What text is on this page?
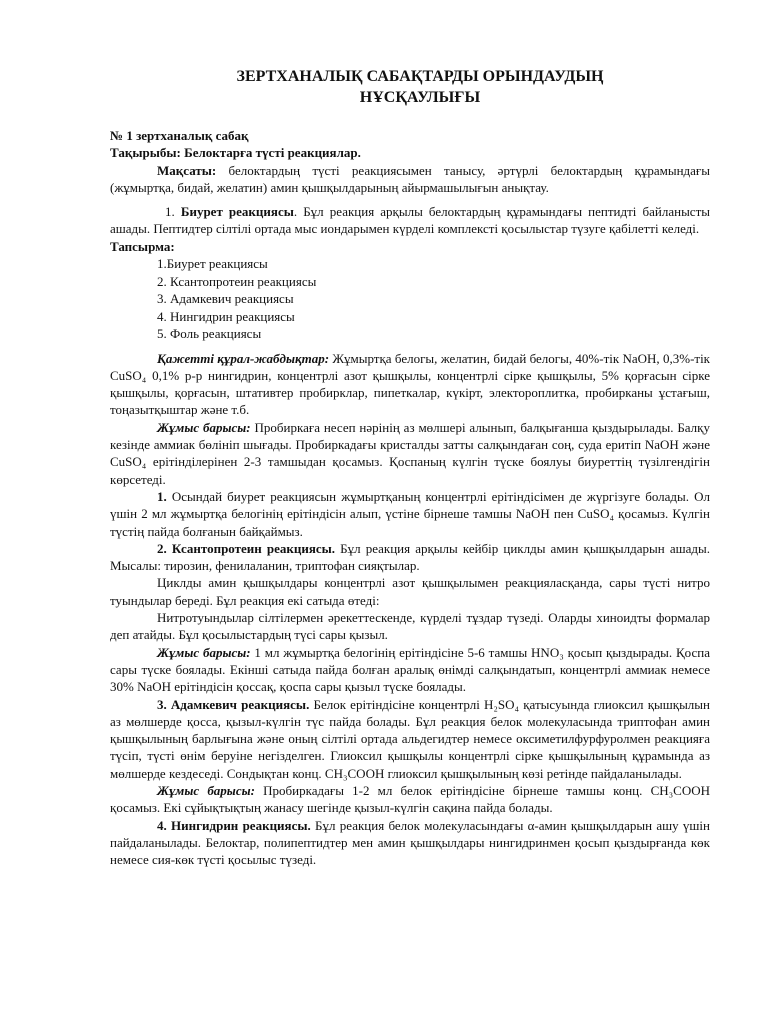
ЗЕРТХАНАЛЫҚ САБАҚТАРДЫ ОРЫНДАУДЫҢ
НҰСҚАУЛЫҒЫ

№ 1 зертханалық сабақ

Тақырыбы: Белоктарға түсті реакциялар.

Мақсаты: белоктардың түсті реакциясымен танысу, әртүрлі белоктардың құрамындағы (жұмыртқа, бидай, желатин) амин қышқылдарының айырмашылығын анықтау.

1. Биурет реакциясы. Бұл реакция арқылы белоктардың құрамындағы пептидті байланысты ашады. Пептидтер сілтілі ортада мыс иондарымен күрделі комплексті қосылыстар түзуге қабілетті келеді.

Тапсырма:

1.Биурет реакциясы
2. Ксантопротеин реакциясы
3. Адамкевич реакциясы
4. Нингидрин реакциясы
5. Фоль реакциясы

Қажетті құрал-жабдықтар: Жұмыртқа белогы, желатин, бидай белогы, 40%-тік NaOH, 0,3%-тік CuSO₄ 0,1% р-р нингидрин, концентрлі азот қышқылы, концентрлі сірке қышқылы, 5% қорғасын сірке қышқылы, қорғасын, штативтер пробирклар, пипеткалар, күкірт, электороплитка, пробирканы ұстағыш, тоңазытқыштар және т.б.

Жұмыс барысы: Пробиркаға несеп нәрінің аз мөлшері алынып, балқығанша қыздырылады. Балқу кезінде аммиак бөлініп шығады. Пробиркадағы кристалды затты салқындаған соң, суда еритіп NaOH және CuSO₄ ерітінділерінен 2-3 тамшыдан қосамыз. Қоспаның күлгін түске боялуы биуреттің түзілгендігін көрсетеді.

1. Осындай биурет реакциясын жұмыртқаның концентрлі ерітіндісімен де жүргізуге болады. Ол үшін 2 мл жұмыртқа белогінің ерітіндісін алып, үстіне бірнеше тамшы NaOH пен CuSO₄ қосамыз. Күлгін түстің пайда болғанын байқаймыз.

2. Ксантопротеин реакциясы. Бұл реакция арқылы кейбір циклды амин қышқылдарын ашады. Мысалы: тирозин, фенилаланин, триптофан сияқтылар.

Циклды амин қышқылдары концентрлі азот қышқылымен реакцияласқанда, сары түсті нитро туындылар береді. Бұл реакция екі сатыда өтеді:

Нитротуындылар сілтілермен әрекеттескенде, күрделі тұздар түзеді. Оларды хиноидты формалар деп атайды. Бұл қосылыстардың түсі сары қызыл.

Жұмыс барысы: 1 мл жұмыртқа белогінің ерітіндісіне 5-6 тамшы HNO₃ қосып қыздырады. Қоспа сары түске боялады. Екінші сатыда пайда болған аралық өнімді салқындатып, концентрлі аммиак немесе 30% NaOH ерітіндісін қоссақ, қоспа сары қызыл түске боялады.

3. Адамкевич реакциясы. Белок ерітіндісіне концентрлі H₂SO₄ қатысуында глиоксил қышқылын аз мөлшерде қосса, қызыл-күлгін түс пайда болады. Бұл реакция белок молекуласында триптофан амин қышқылының барлығына және оның сілтілі ортада альдегидтер немесе оксиметилфурфуролмен реакцияға түсіп, түсті өнім беруіне негізделген. Глиоксил қышқылы концентрлі сірке қышқылының құрамында аз мөлшерде кездеседі. Сондықтан конц. CH₃COOH глиоксил қышқылының көзі ретінде пайдаланылады.

Жұмыс барысы: Пробиркадағы 1-2 мл белок ерітіндісіне бірнеше тамшы конц. CH₃COOH қосамыз. Екі сұйықтықтың жанасу шегінде қызыл-күлгін сақина пайда болады.

4. Нингидрин реакциясы. Бұл реакция белок молекуласындағы α-амин қышқылдарын ашу үшін пайдаланылады. Белоктар, полипептидтер мен амин қышқылдары нингидринмен қосып қыздырғанда көк немесе сия-көк түсті қосылыс түзеді.
